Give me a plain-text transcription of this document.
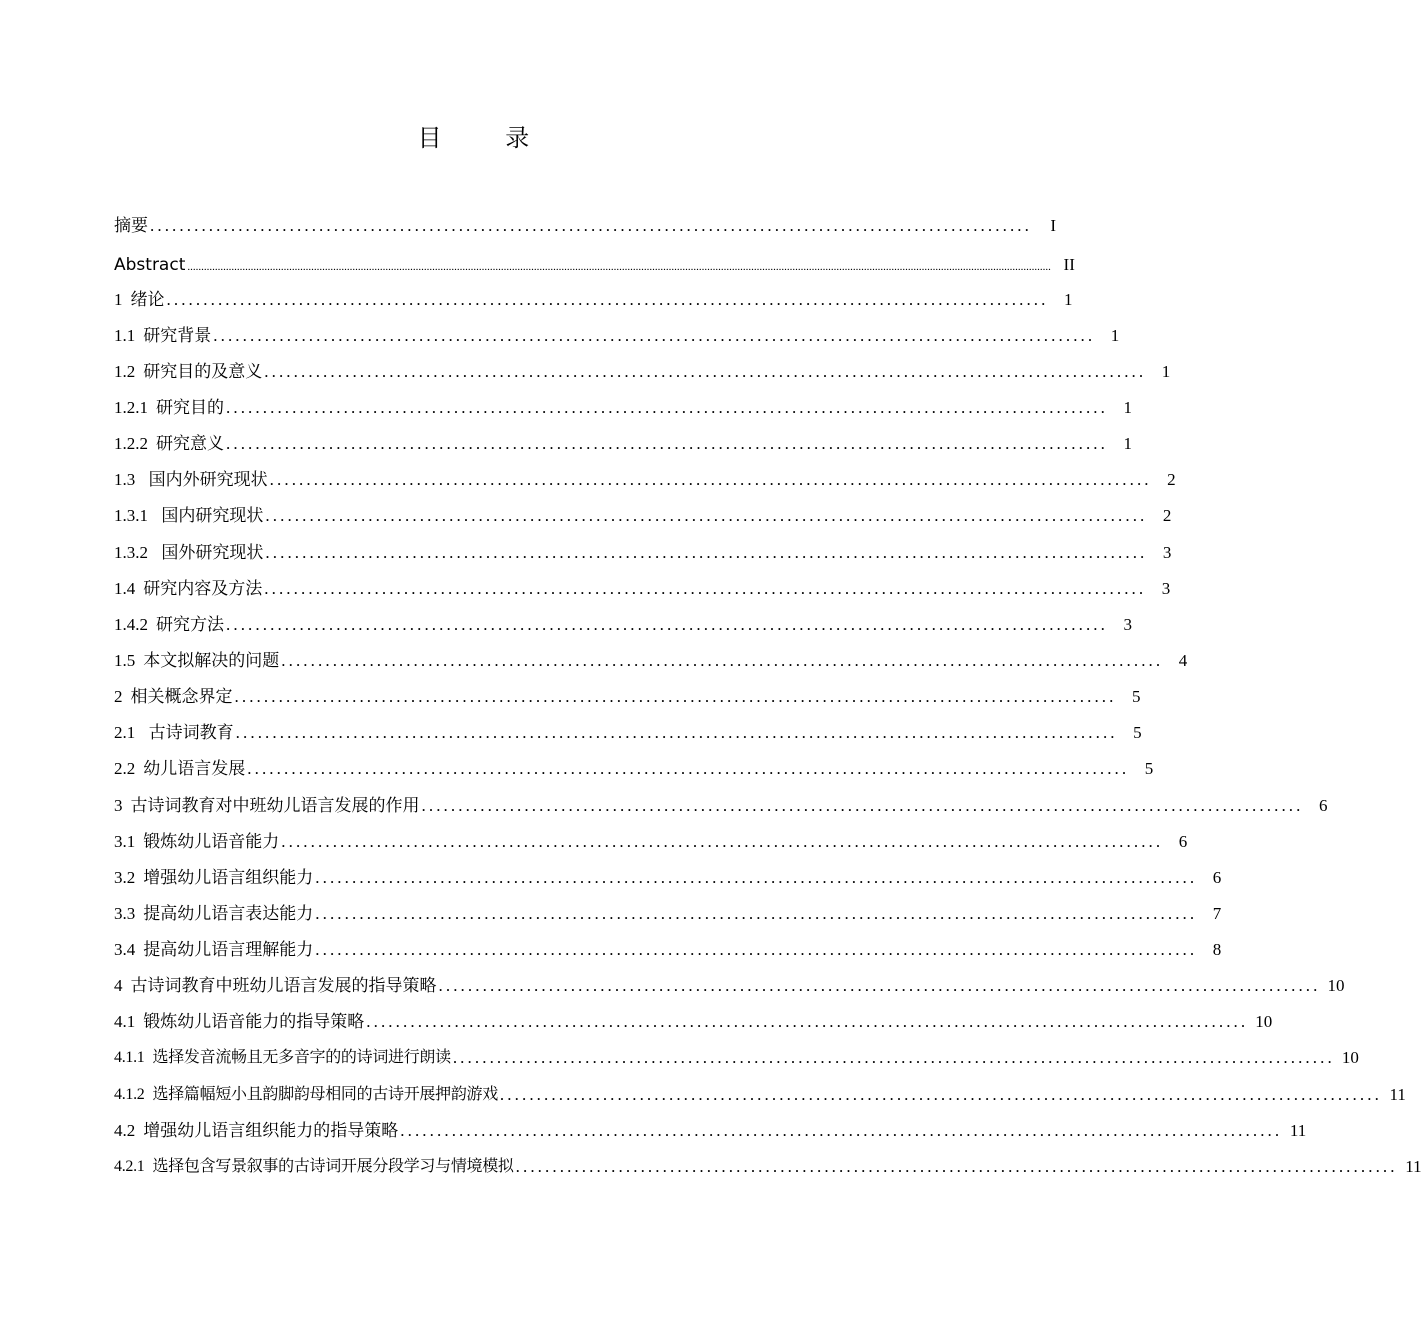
目 录
摘要 ........................................................................................................................	I
Abstract .......................................................................................................................................................................................................................................................................................................................... II
1 绪论 ........................................................................................................................ 1
1.1 研究背景 ........................................................................................................................ 1
1.2 研究目的及意义 ........................................................................................................................ 1
1.2.1 研究目的 ........................................................................................................................ 1
1.2.2 研究意义 ........................................................................................................................ 1
1.3 国内外研究现状 ........................................................................................................................ 2
1.3.1 国内研究现状 ........................................................................................................................ 2
1.3.2 国外研究现状 ........................................................................................................................ 3
1.4 研究内容及方法 ........................................................................................................................ 3
1.4.2 研究方法 ........................................................................................................................ 3
1.5 本文拟解决的问题 ........................................................................................................................ 4
2 相关概念界定 ........................................................................................................................ 5
2.1 古诗词教育 ........................................................................................................................ 5
2.2 幼儿语言发展 ........................................................................................................................ 5
3 古诗词教育对中班幼儿语言发展的作用 ........................................................................................................................ 6
3.1 锻炼幼儿语音能力 ........................................................................................................................ 6
3.2 增强幼儿语言组织能力 ........................................................................................................................ 6
3.3 提高幼儿语言表达能力 ........................................................................................................................ 7
3.4 提高幼儿语言理解能力 ........................................................................................................................ 8
4 古诗词教育中班幼儿语言发展的指导策略 ........................................................................................................................ 10
4.1 锻炼幼儿语音能力的指导策略 ........................................................................................................................ 10
4.1.1 选择发音流畅且无多音字的的诗词进行朗读 ........................................................................................................................ 10
4.1.2 选择篇幅短小且韵脚韵母相同的古诗开展押韵游戏 ........................................................................................................................ 11
4.2 增强幼儿语言组织能力的指导策略 ........................................................................................................................ 11
4.2.1 选择包含写景叙事的古诗词开展分段学习与情境模拟 ........................................................................................................................ 11
